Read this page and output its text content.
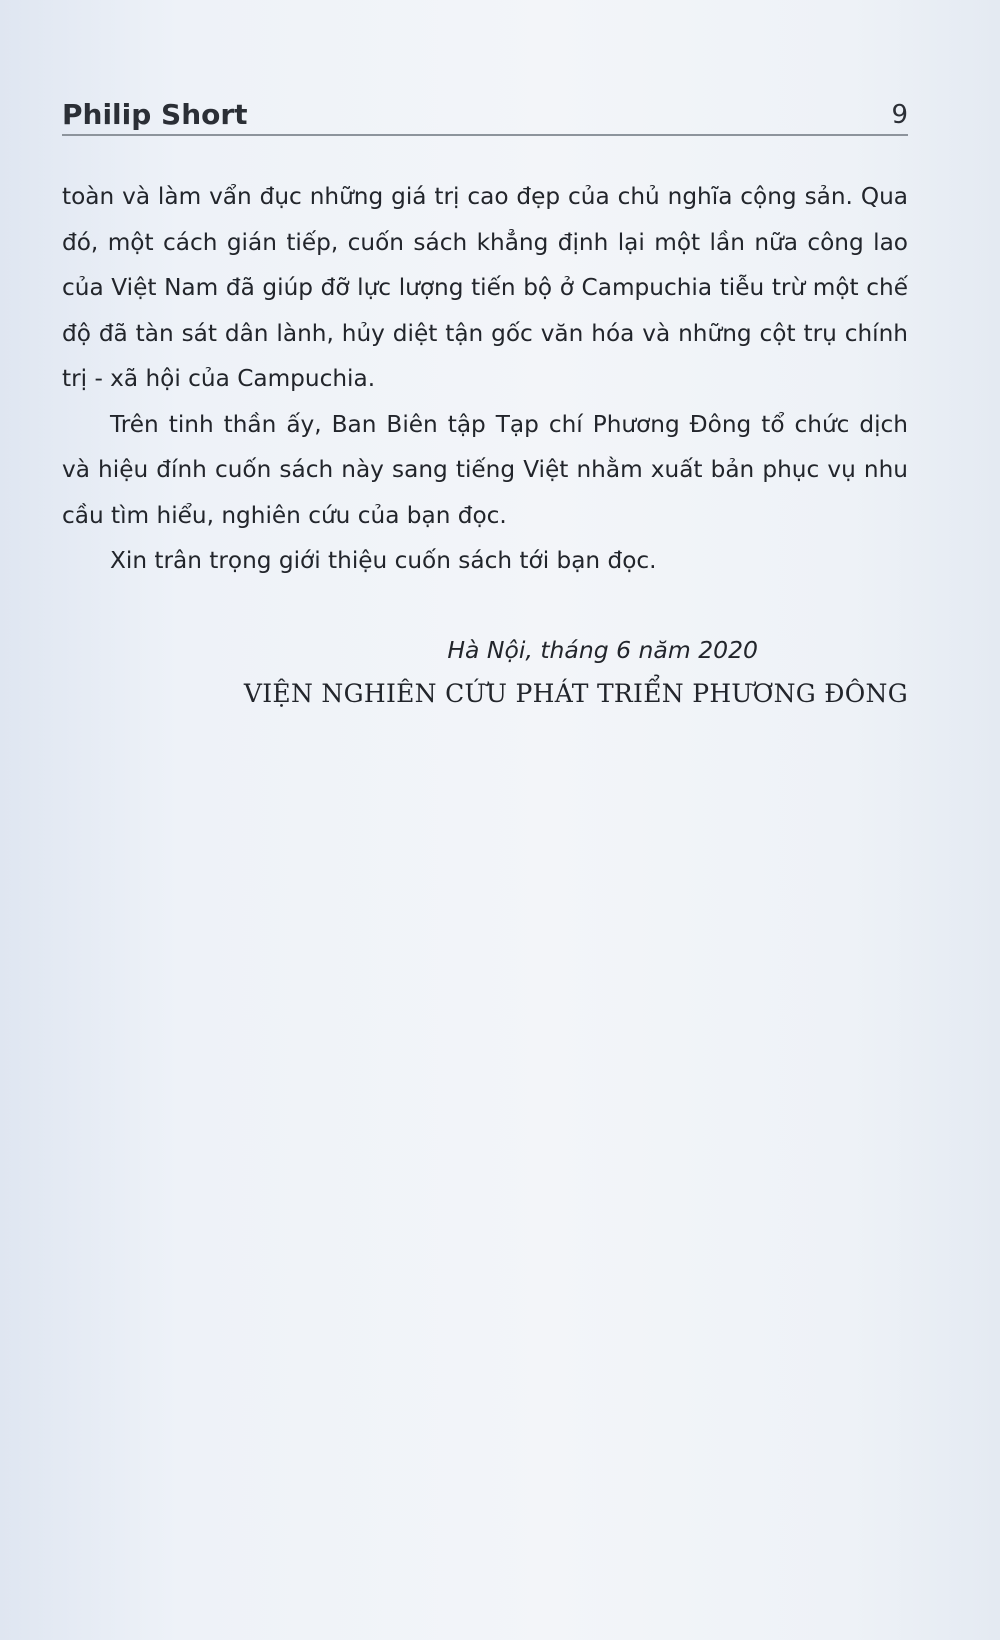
Philip Short	9

toàn và làm vẩn đục những giá trị cao đẹp của chủ nghĩa cộng sản. Qua đó, một cách gián tiếp, cuốn sách khẳng định lại một lần nữa công lao của Việt Nam đã giúp đỡ lực lượng tiến bộ ở Campuchia tiễu trừ một chế độ đã tàn sát dân lành, hủy diệt tận gốc văn hóa và những cột trụ chính trị - xã hội của Campuchia.

Trên tinh thần ấy, Ban Biên tập Tạp chí Phương Đông tổ chức dịch và hiệu đính cuốn sách này sang tiếng Việt nhằm xuất bản phục vụ nhu cầu tìm hiểu, nghiên cứu của bạn đọc.

Xin trân trọng giới thiệu cuốn sách tới bạn đọc.

Hà Nội, tháng 6 năm 2020
VIỆN NGHIÊN CỨU PHÁT TRIỂN PHƯƠNG ĐÔNG
